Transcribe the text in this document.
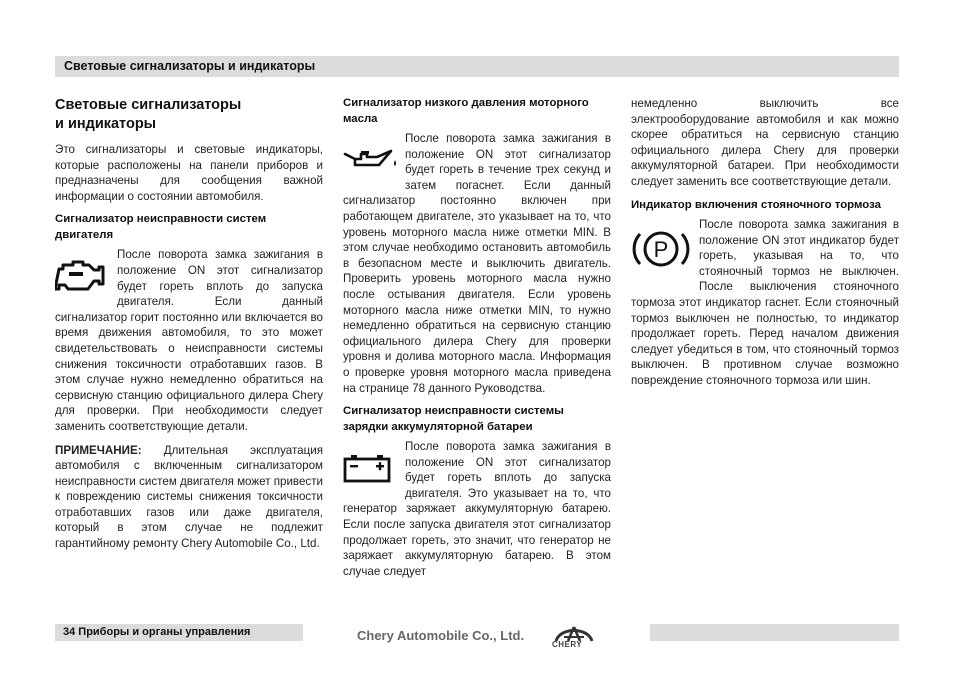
Световые сигнализаторы и индикаторы
Световые сигнализаторы
и индикаторы

Это сигнализаторы и световые индикаторы, которые расположены на панели приборов и предназначены для сообщения важной информации о состоянии автомобиля.

Сигнализатор неисправности систем двигателя
После поворота замка зажигания в положение ON этот сигнализатор будет гореть вплоть до запуска двигателя. Если данный сигнализатор горит постоянно или включается во время движения автомобиля, то это может свидетельствовать о неисправности системы снижения токсичности отработавших газов. В этом случае нужно немедленно обратиться на сервисную станцию официального дилера Chery для проверки. При необходимости следует заменить соответствующие детали.

ПРИМЕЧАНИЕ: Длительная эксплуатация автомобиля с включенным сигнализатором неисправности систем двигателя может привести к повреждению системы снижения токсичности отработавших газов или даже двигателя, который в этом случае не подлежит гарантийному ремонту Chery Automobile Co., Ltd.

Сигнализатор низкого давления моторного масла
После поворота замка зажигания в положение ON этот сигнализатор будет гореть в течение трех секунд и затем погаснет. Если данный сигнализатор постоянно включен при работающем двигателе, это указывает на то, что уровень моторного масла ниже отметки MIN. В этом случае необходимо остановить автомобиль в безопасном месте и выключить двигатель. Проверить уровень моторного масла нужно после остывания двигателя. Если уровень моторного масла ниже отметки MIN, то нужно немедленно обратиться на сервисную станцию официального дилера Chery для проверки уровня и долива моторного масла. Информация о проверке уровня моторного масла приведена на странице 78 данного Руководства.
Сигнализатор неисправности системы зарядки аккумуляторной батареи
После поворота замка зажигания в положение ON этот сигнализатор будет гореть вплоть до запуска двигателя. Это указывает на то, что генератор заряжает аккумуляторную батарею. Если после запуска двигателя этот сигнализатор продолжает гореть, это значит, что генератор не заряжает аккумуляторную батарею. В этом случае следует

немедленно выключить все электрооборудование автомобиля и как можно скорее обратиться на сервисную станцию официального дилера Chery для проверки аккумуляторной батареи. При необходимости следует заменить все соответствующие детали.

Индикатор включения стояночного тормоза
P
После поворота замка зажигания в положение ON этот индикатор будет гореть, указывая на то, что стояночный тормоз не выключен. После выключения стояночного тормоза этот индикатор гаснет. Если стояночный тормоз выключен не полностью, то индикатор продолжает гореть. Перед началом движения следует убедиться в том, что стояночный тормоз выключен. В противном случае возможно повреждение стояночного тормоза или шин.
34 Приборы и органы управления	Chery Automobile Co., Ltd.
CHERY
